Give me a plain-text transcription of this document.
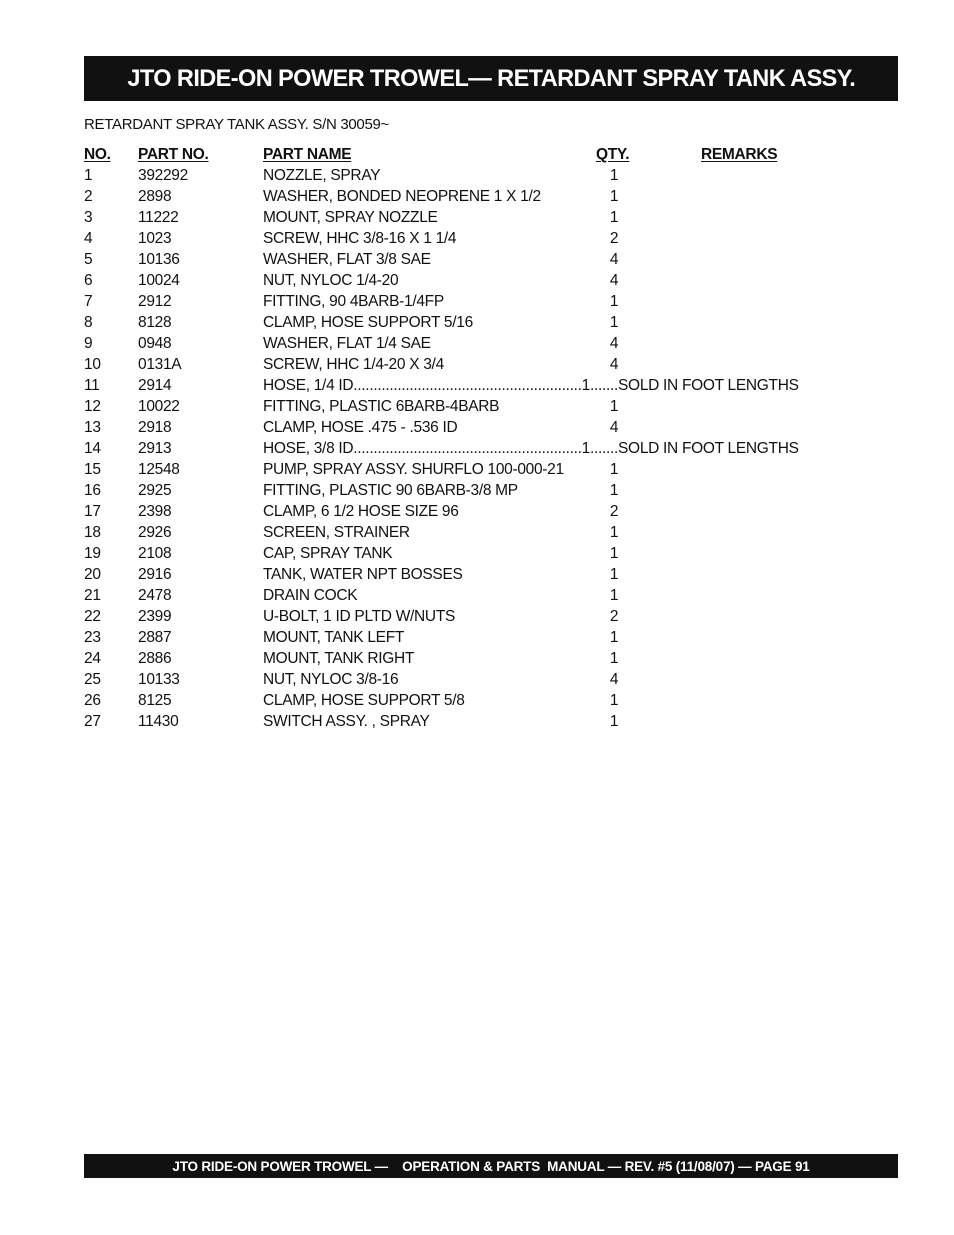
JTO RIDE-ON POWER TROWEL— RETARDANT SPRAY TANK ASSY.
RETARDANT SPRAY TANK ASSY. S/N 30059~
NO. PART NO.	PART NAME	QTY.	REMARKS
1	392292	NOZZLE, SPRAY	1
2	2898	WASHER, BONDED NEOPRENE 1 X 1/2	1
3	11222	MOUNT, SPRAY NOZZLE	1
4	1023	SCREW, HHC 3/8-16 X 1 1/4	2
5	10136	WASHER, FLAT 3/8 SAE	4
6	10024	NUT, NYLOC 1/4-20	4
7	2912	FITTING, 90 4BARB-1/4FP	1
8	8128	CLAMP, HOSE SUPPORT 5/16	1
9	0948	WASHER, FLAT 1/4 SAE	4
10 0131A	SCREW, HHC 1/4-20 X 3/4	4
11 2914	HOSE, 1/4 ID.........................................................1.......SOLD IN FOOT LENGTHS
12 10022	FITTING, PLASTIC 6BARB-4BARB	1
13 2918	CLAMP, HOSE .475 - .536 ID	4
14 2913	HOSE, 3/8 ID.........................................................1.......SOLD IN FOOT LENGTHS
15 12548	PUMP, SPRAY ASSY. SHURFLO 100-000-21	1
16 2925	FITTING, PLASTIC 90 6BARB-3/8 MP	1
17 2398	CLAMP, 6 1/2 HOSE SIZE 96	2
18 2926	SCREEN, STRAINER	1
19 2108	CAP, SPRAY TANK	1
20 2916	TANK, WATER NPT BOSSES	1
21 2478	DRAIN COCK	1
22 2399	U-BOLT, 1 ID PLTD W/NUTS	2
23 2887	MOUNT, TANK LEFT	1
24 2886	MOUNT, TANK RIGHT	1
25 10133	NUT, NYLOC 3/8-16	4
26 8125	CLAMP, HOSE SUPPORT 5/8	1
27 11430	SWITCH ASSY. , SPRAY	1
JTO RIDE-ON POWER TROWEL —    OPERATION & PARTS  MANUAL — REV. #5 (11/08/07) — PAGE 91
